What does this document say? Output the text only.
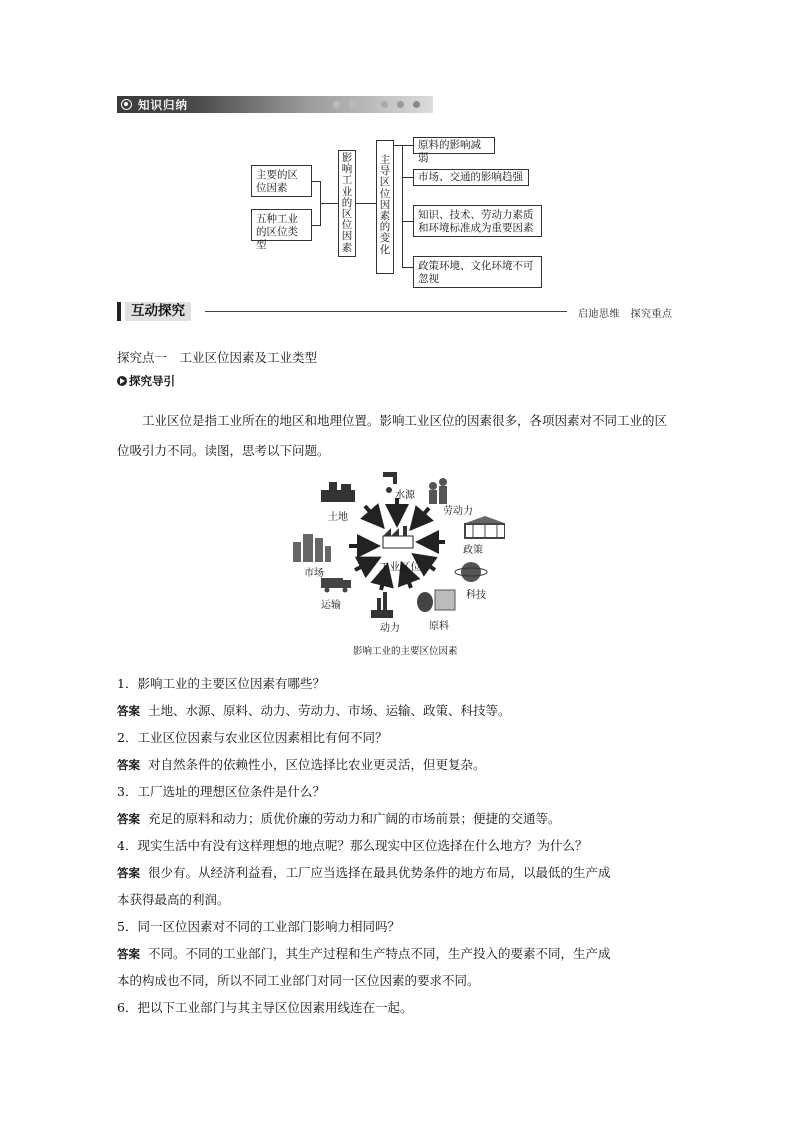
知识归纳
主要的区位因素
五种工业的区位类型
影响工业的区位因素
主导区位因素的变化
原料的影响减弱
市场、交通的影响趋强
知识、技术、劳动力素质和环境标准成为重要因素
政策环境、文化环境不可忽视
互动探究	启迪思维　探究重点
探究点一　工业区位因素及工业类型
探究导引
工业区位是指工业所在的地区和地理位置。影响工业区位的因素很多，各项因素对不同工业的区位吸引力不同。读图，思考以下问题。
工业区位
水源
劳动力
政策
科技
原料
动力
运输
市场
土地
影响工业的主要区位因素
1．影响工业的主要区位因素有哪些？
答案 土地、水源、原料、动力、劳动力、市场、运输、政策、科技等。
2．工业区位因素与农业区位因素相比有何不同？
答案 对自然条件的依赖性小，区位选择比农业更灵活，但更复杂。
3．工厂选址的理想区位条件是什么？
答案 充足的原料和动力；质优价廉的劳动力和广阔的市场前景；便捷的交通等。
4．现实生活中有没有这样理想的地点呢？那么现实中区位选择在什么地方？为什么？
答案 很少有。从经济利益看，工厂应当选择在最具优势条件的地方布局，以最低的生产成
本获得最高的利润。
5．同一区位因素对不同的工业部门影响力相同吗？
答案 不同。不同的工业部门，其生产过程和生产特点不同，生产投入的要素不同，生产成
本的构成也不同，所以不同工业部门对同一区位因素的要求不同。
6．把以下工业部门与其主导区位因素用线连在一起。
